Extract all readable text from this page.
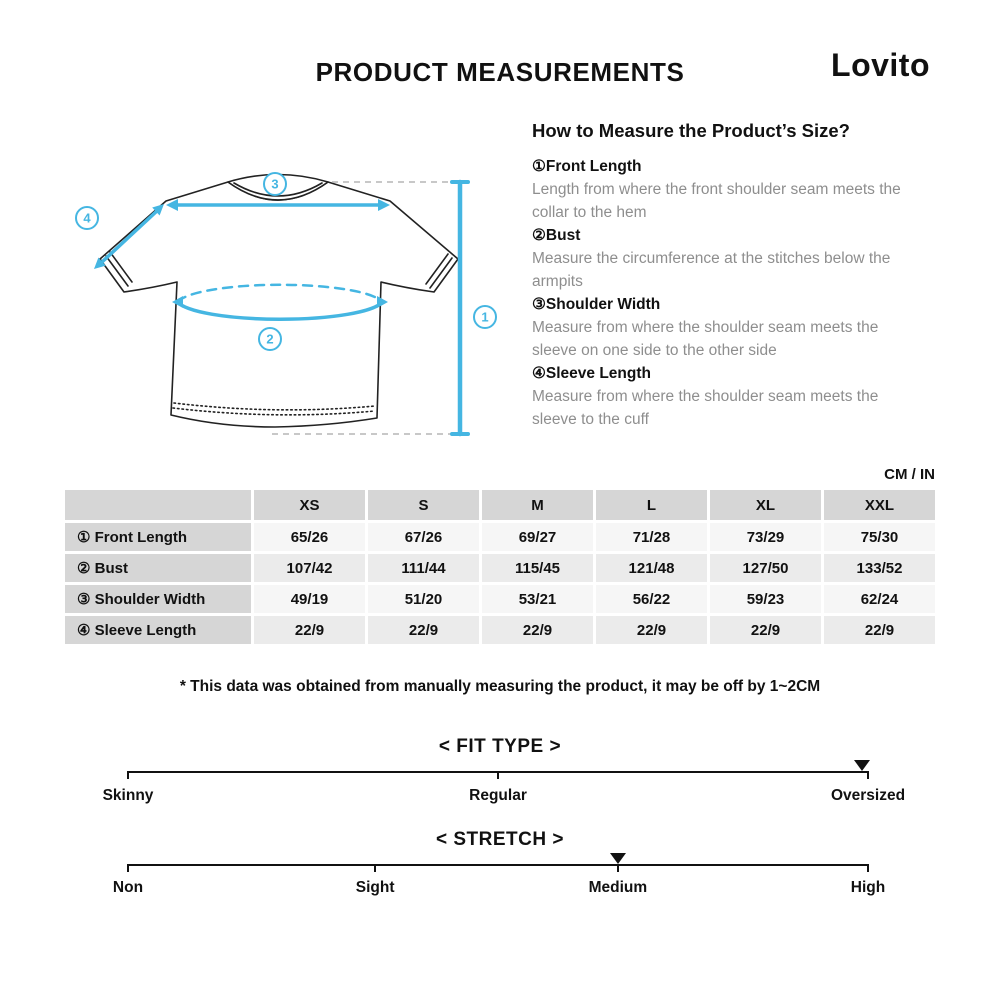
PRODUCT MEASUREMENTS	Lovito
3
4
2
1
How to Measure the Product’s Size?
①Front Length
Length from where the front shoulder seam meets the collar to the hem
②Bust
Measure the circumference at the stitches below the armpits
③Shoulder Width
Measure from where the shoulder seam meets the sleeve on one side to the other side
④Sleeve Length
Measure from where the shoulder seam meets the sleeve to the cuff
CM / IN
	XS	S	M	L	XL	XXL
① Front Length	65/26	67/26	69/27	71/28	73/29	75/30
② Bust	107/42	111/44	115/45	121/48	127/50	133/52
③ Shoulder Width	49/19	51/20	53/21	56/22	59/23	62/24
④ Sleeve Length	22/9	22/9	22/9	22/9	22/9	22/9
* This data was obtained from manually measuring the product, it may be off by 1~2CM
< FIT TYPE >
Skinny	Regular	Oversized
< STRETCH >
Non	Sight	Medium	High
